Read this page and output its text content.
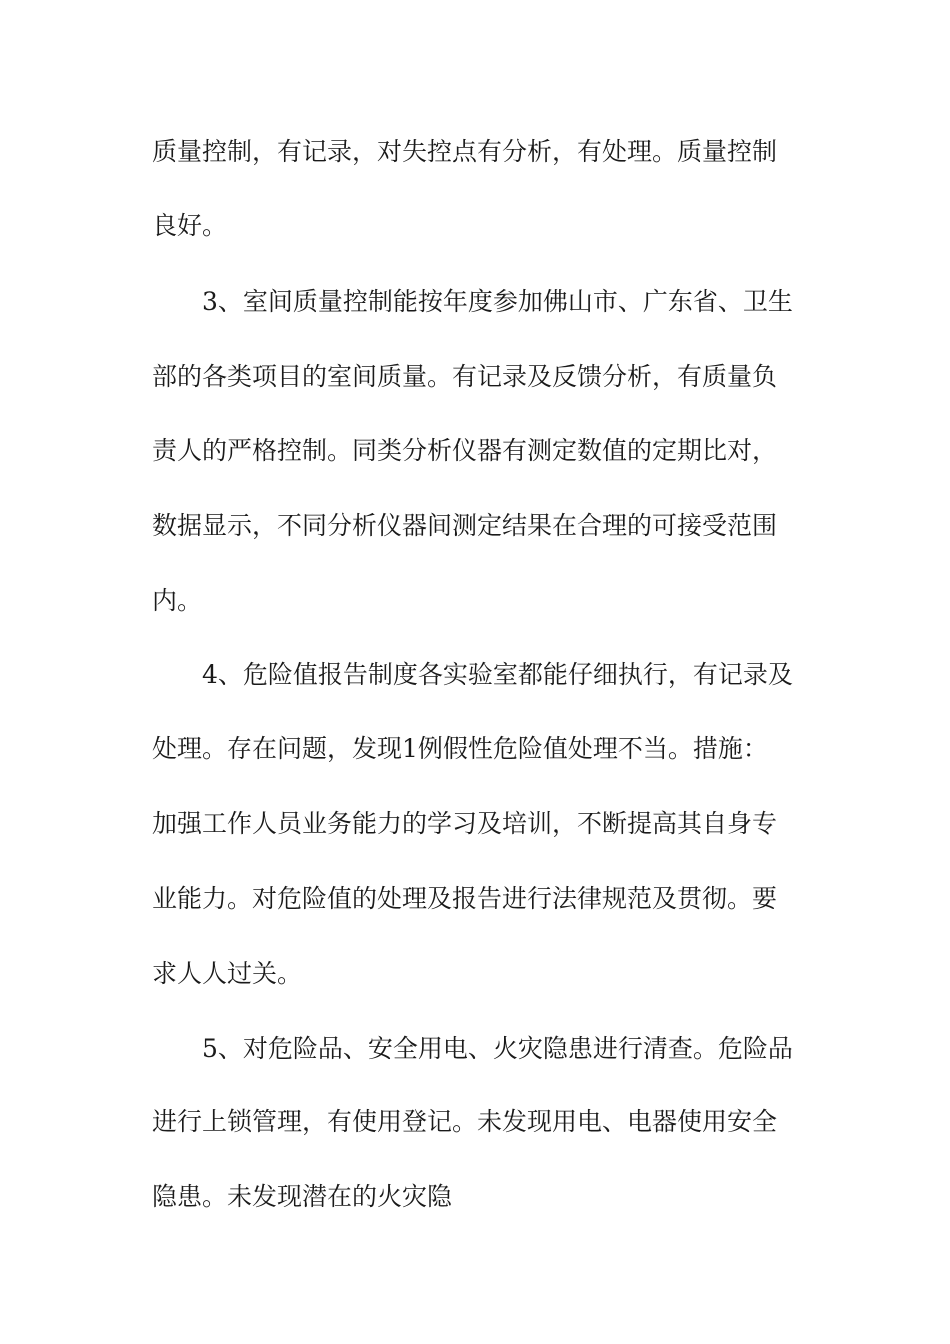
质量控制，有记录，对失控点有分析，有处理。质量控制

良好。

3、室间质量控制能按年度参加佛山市、广东省、卫生

部的各类项目的室间质量。有记录及反馈分析，有质量负

责人的严格控制。同类分析仪器有测定数值的定期比对，

数据显示，不同分析仪器间测定结果在合理的可接受范围

内。

4、危险值报告制度各实验室都能仔细执行，有记录及

处理。存在问题，发现1例假性危险值处理不当。措施：

加强工作人员业务能力的学习及培训，不断提高其自身专

业能力。对危险值的处理及报告进行法律规范及贯彻。要

求人人过关。

5、对危险品、安全用电、火灾隐患进行清查。危险品

进行上锁管理，有使用登记。未发现用电、电器使用安全

隐患。未发现潜在的火灾隐
